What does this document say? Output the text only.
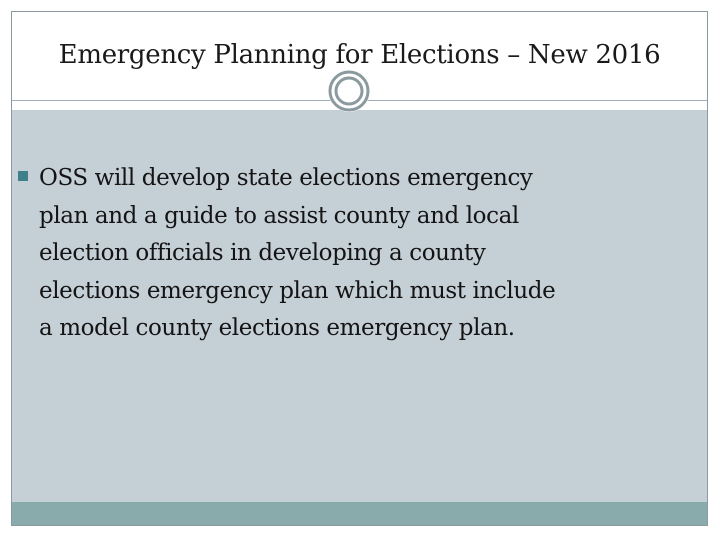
Emergency Planning for Elections – New 2016
OSS will develop state elections emergency
plan and a guide to assist county and local
election officials in developing a county
elections emergency plan which must include
a model county elections emergency plan.
